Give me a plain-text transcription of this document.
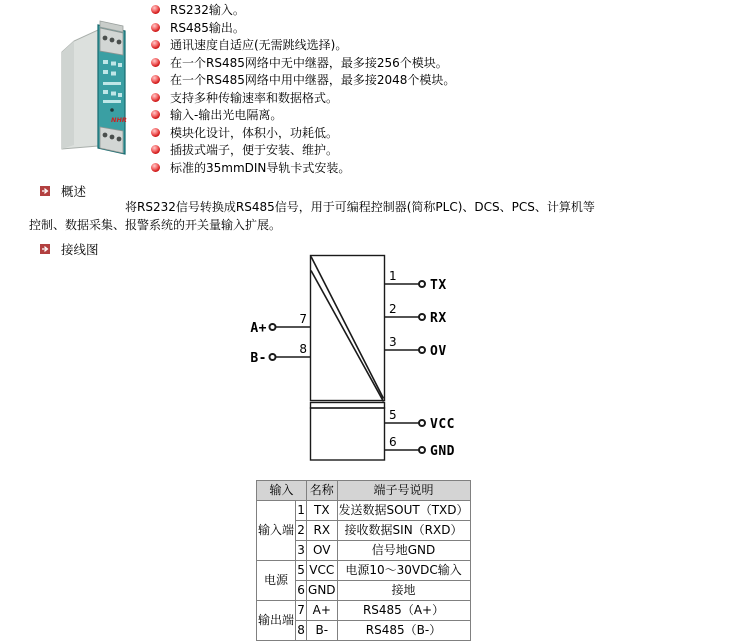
NHR
RS232输入。
RS485输出。
通讯速度自适应(无需跳线选择)。
在一个RS485网络中无中继器，最多接256个模块。
在一个RS485网络中用中继器，最多接2048个模块。
支持多种传输速率和数据格式。
输入-输出光电隔离。
模块化设计，体积小，功耗低。
插拔式端子，便于安装、维护。
标准的35mmDIN导轨卡式安装。
概述

将RS232信号转换成RS485信号，用于可编程控制器(简称PLC)、DCS、PCS、计算机等控制、数据采集、报警系统的开关量输入扩展。

接线图
7
A+
8
B-
1
TX
2
RX
3
OV
5
VCC
6
GND
输入		名称	端子号说明
输入端	1	TX	发送数据SOUT（TXD）
	2	RX	接收数据SIN（RXD）
	3	OV	信号地GND
电源	5	VCC	电源10～30VDC输入
	6	GND	接地
输出端	7	A+	RS485（A+）
	8	B-	RS485（B-）
